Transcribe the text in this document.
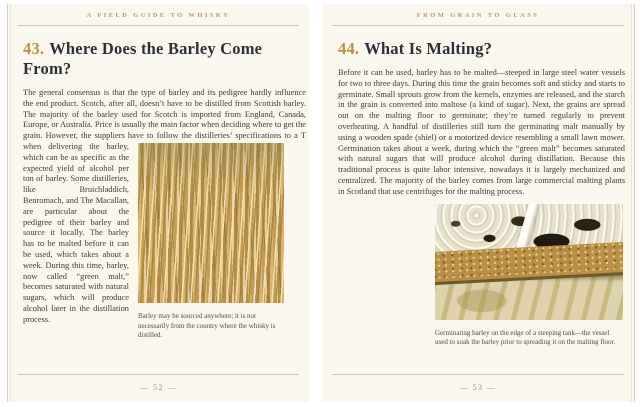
A FIELD GUIDE TO WHISKY
43. Where Does the Barley Come From?
Barley may be sourced anywhere; it is not necessarily from the country where the whisky is distilled.

The general consensus is that the type of barley and its pedigree hardly influence the end product. Scotch, after all, doesn’t have to be distilled from Scottish barley. The majority of the barley used for Scotch is imported from England, Canada, Europe, or Australia. Price is usually the main factor when deciding where to get the grain. However, the suppliers have to follow the distilleries’ specifications to a T when delivering the barley, which can be as specific as the expected yield of alcohol per ton of barley. Some distilleries, like Bruichladdich, Benromach, and The Macallan, are particular about the pedigree of their barley and source it locally. The barley has to be malted before it can be used, which takes about a week. During this time, barley, now called “green malt,” becomes saturated with natural sugars, which will produce alcohol later in the distillation process.

— 52 —
FROM GRAIN TO GLASS
44. What Is Malting?

Before it can be used, barley has to be malted—steeped in large steel water vessels for two to three days. During this time the grain becomes soft and sticky and starts to germinate. Small sprouts grow from the kernels, enzymes are released, and the starch in the grain is converted into maltose (a kind of sugar). Next, the grains are spread out on the malting floor to germinate; they’re turned regularly to prevent overheating. A handful of distilleries still turn the germinating malt manually by using a wooden spade (shiel) or a motorized device resembling a small lawn mower. Germination takes about a week, during which the “green malt” becomes saturated with natural sugars that will produce alcohol during distillation. Because this traditional process is quite labor intensive, nowadays it is largely mechanized and centralized. The majority of the barley comes from large commercial malting plants in Scotland that use centrifuges for the malting process.

Germinating barley on the edge of a steeping tank—the vessel used to soak the barley prior to spreading it on the malting floor.
— 53 —
